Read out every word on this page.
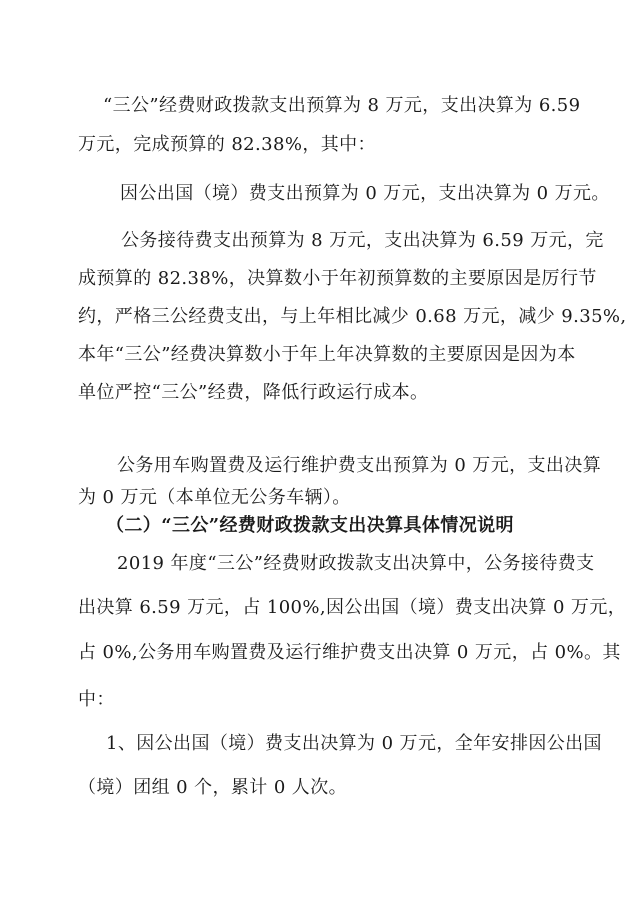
“三公”经费财政拨款支出预算为 8 万元，支出决算为 6.59
万元，完成预算的 82.38%，其中：
因公出国（境）费支出预算为 0 万元，支出决算为 0 万元。
公务接待费支出预算为 8 万元，支出决算为 6.59 万元，完
成预算的 82.38%，决算数小于年初预算数的主要原因是厉行节
约，严格三公经费支出，与上年相比减少 0.68 万元，减少 9.35%,
本年“三公”经费决算数小于年上年决算数的主要原因是因为本
单位严控“三公”经费，降低行政运行成本。
公务用车购置费及运行维护费支出预算为 0 万元，支出决算
为 0 万元（本单位无公务车辆）。
（二）“三公”经费财政拨款支出决算具体情况说明
2019 年度“三公”经费财政拨款支出决算中，公务接待费支
出决算 6.59 万元，占 100%,因公出国（境）费支出决算 0 万元，
占 0%,公务用车购置费及运行维护费支出决算 0 万元，占 0%。其
中：
1、因公出国（境）费支出决算为 0 万元，全年安排因公出国
（境）团组 0 个，累计 0 人次。
